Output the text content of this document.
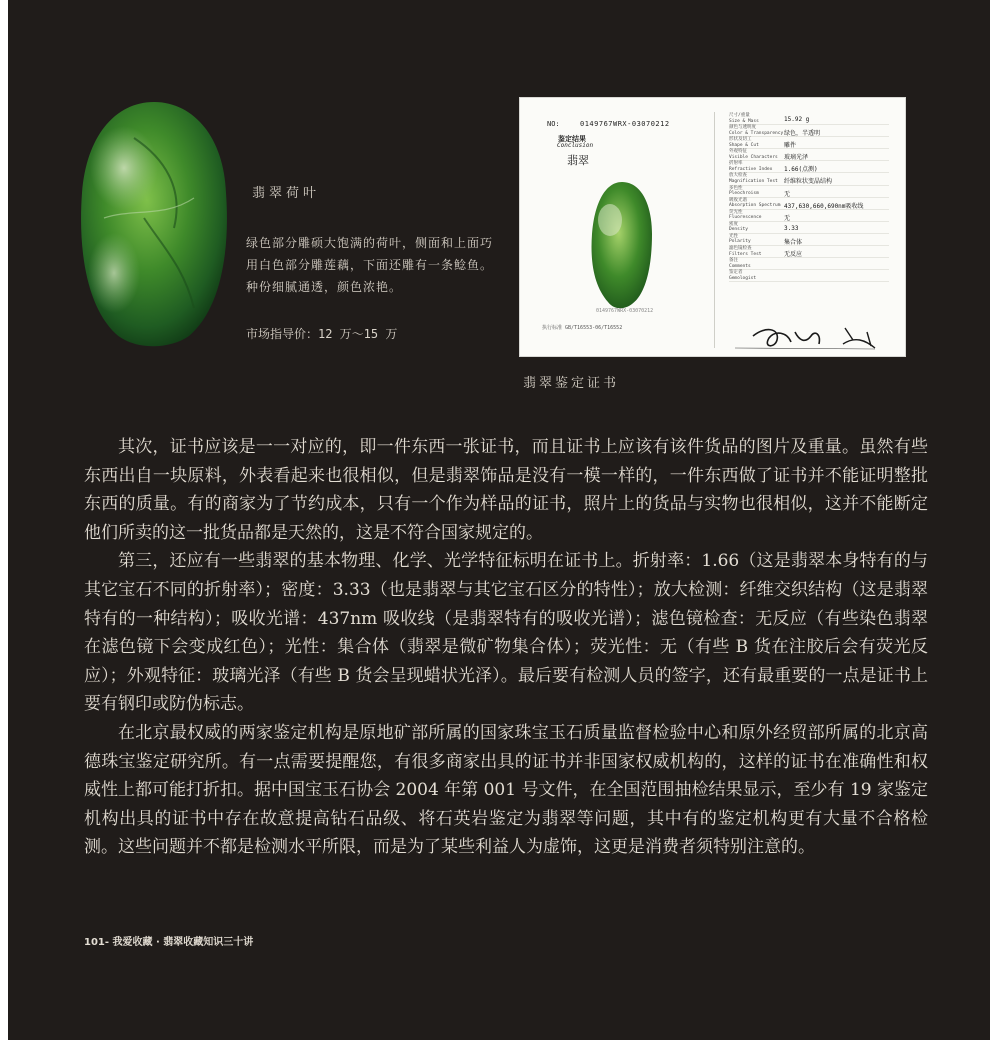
翡翠荷叶
绿色部分雕硕大饱满的荷叶，侧面和上面巧用白色部分雕莲藕，下面还雕有一条鲶鱼。种份细腻通透，颜色浓艳。
市场指导价：12 万～15 万
NO:	0149767WRX-03070212
鉴定结果
Conclusion
翡翠
0149767WRX-03070212
执行标准 GB/T16553-06/T16552
尺寸/重量
Size & Mass	15.92 g
颜色与透明度
Color & Transparency 绿色，半透明
形状及切工
Shape & Cut	雕件
外观特征
Visible Characters 玻璃光泽
折射率
Refractive Index 1.66(点测)
放大检查
Magnification Test 纤维粒状变晶结构
多色性
Pleochroism	无
吸收光谱
Absorption Spectrum 437,630,660,690nm吸收线
荧光性
Fluorescence	无
密度
Density	3.33
光性
Polarity	集合体
滤色镜检查
Filters Test	无反应
备注
Comments
鉴定者
Gemologist
翡翠鉴定证书

其次，证书应该是一一对应的，即一件东西一张证书，而且证书上应该有该件货品的图片及重量。虽然有些东西出自一块原料，外表看起来也很相似，但是翡翠饰品是没有一模一样的，一件东西做了证书并不能证明整批东西的质量。有的商家为了节约成本，只有一个作为样品的证书，照片上的货品与实物也很相似，这并不能断定他们所卖的这一批货品都是天然的，这是不符合国家规定的。

第三，还应有一些翡翠的基本物理、化学、光学特征标明在证书上。折射率：1.66（这是翡翠本身特有的与其它宝石不同的折射率）；密度：3.33（也是翡翠与其它宝石区分的特性）；放大检测：纤维交织结构（这是翡翠特有的一种结构）；吸收光谱：437nm 吸收线（是翡翠特有的吸收光谱）；滤色镜检查：无反应（有些染色翡翠在滤色镜下会变成红色）；光性：集合体（翡翠是微矿物集合体）；荧光性：无（有些 B 货在注胶后会有荧光反应）；外观特征：玻璃光泽（有些 B 货会呈现蜡状光泽）。最后要有检测人员的签字，还有最重要的一点是证书上要有钢印或防伪标志。

在北京最权威的两家鉴定机构是原地矿部所属的国家珠宝玉石质量监督检验中心和原外经贸部所属的北京高德珠宝鉴定研究所。有一点需要提醒您，有很多商家出具的证书并非国家权威机构的，这样的证书在准确性和权威性上都可能打折扣。据中国宝玉石协会 2004 年第 001 号文件，在全国范围抽检结果显示，至少有 19 家鉴定机构出具的证书中存在故意提高钻石品级、将石英岩鉴定为翡翠等问题，其中有的鉴定机构更有大量不合格检测。这些问题并不都是检测水平所限，而是为了某些利益人为虚饰，这更是消费者须特别注意的。

101- 我爱收藏 · 翡翠收藏知识三十讲
